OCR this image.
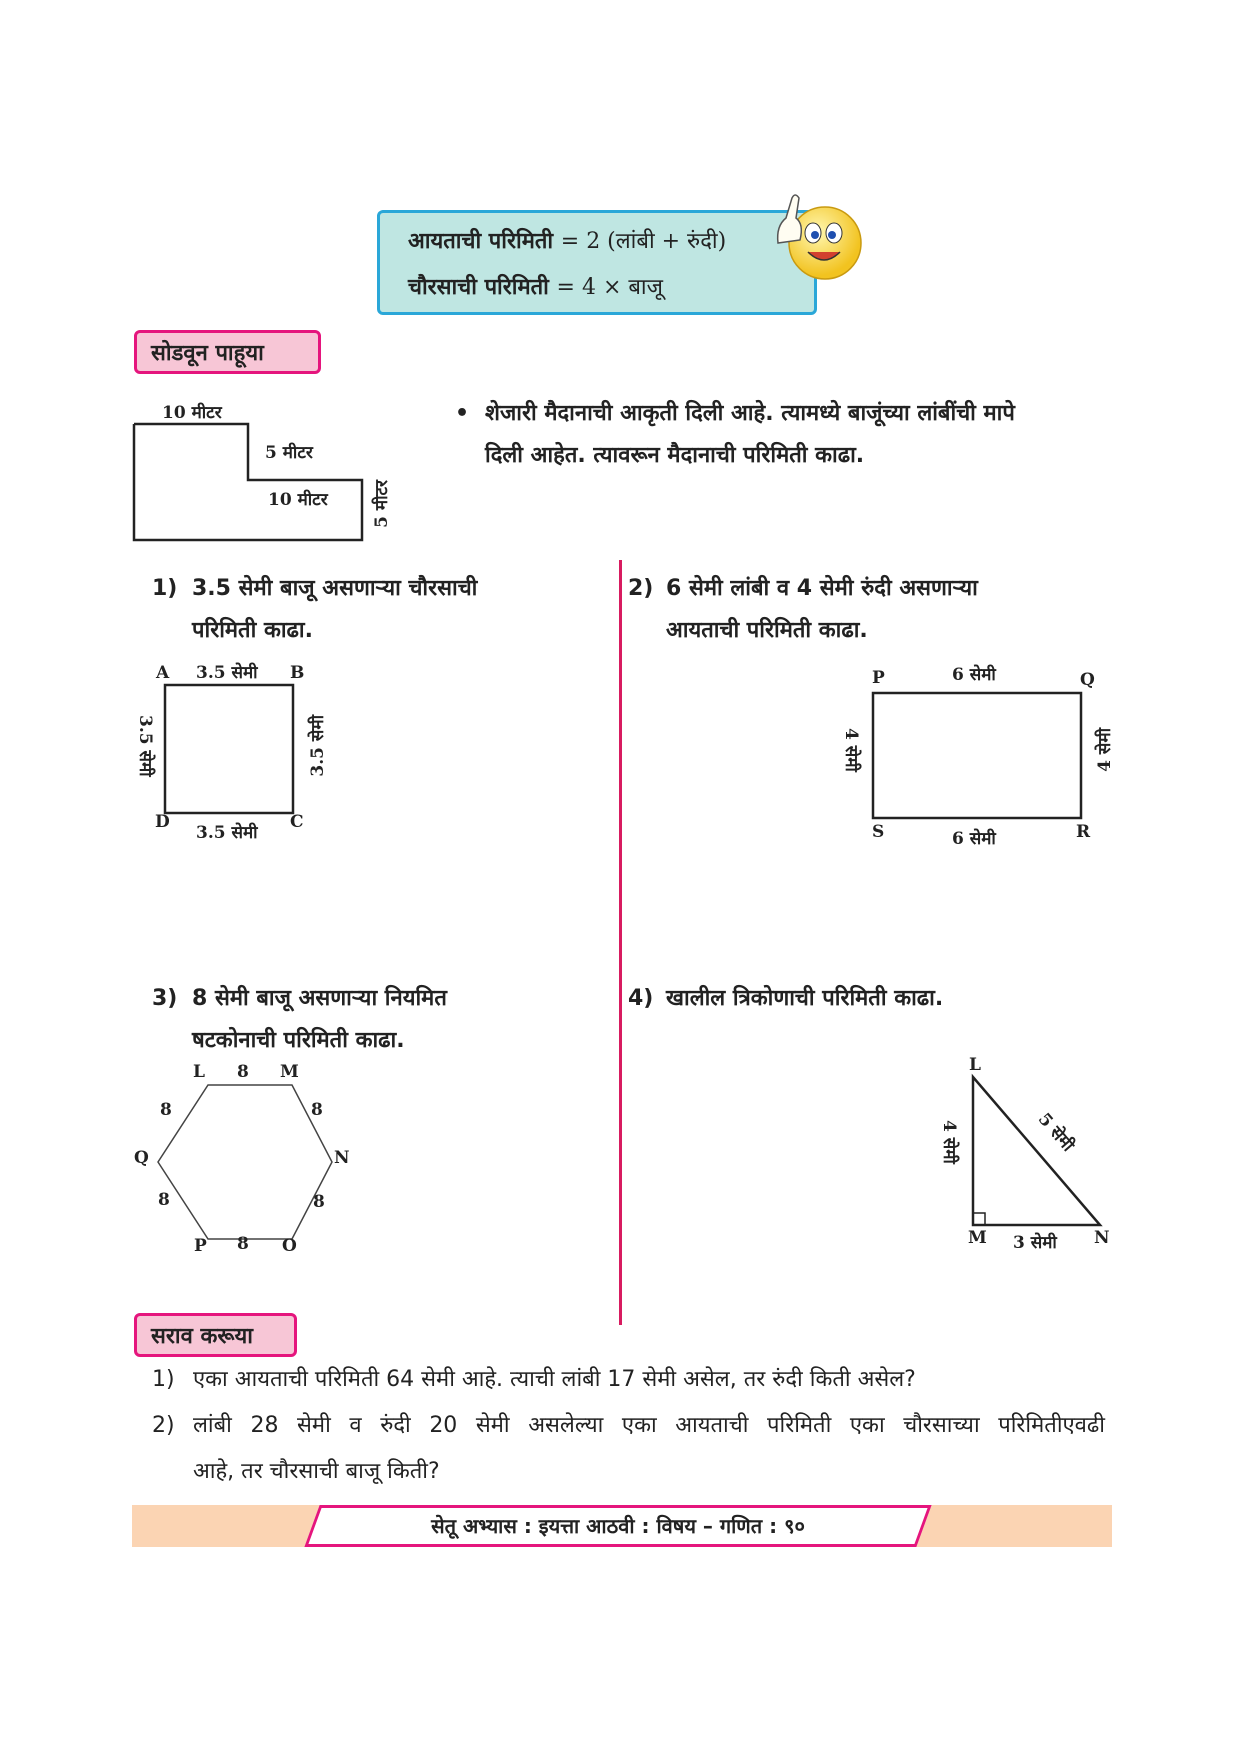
आयताची परिमिती = 2 (लांबी + रुंदी)
चौरसाची परिमिती = 4 × बाजू
सोडवून पाहूया
10 मीटर
5 मीटर
10 मीटर	5 मीटर
• शेजारी मैदानाची आकृती दिली आहे. त्यामध्ये बाजूंच्या लांबींची मापे
दिली आहेत. त्यावरून मैदानाची परिमिती काढा.
1) 3.5 सेमी बाजू असणाऱ्या चौरसाची
परिमिती काढा.
A	B
C
D
3.5 सेमी
3.5 सेमी
3.5 सेमी
3.5 सेमी
2) 6 सेमी लांबी व 4 सेमी रुंदी असणाऱ्या
आयताची परिमिती काढा.
P	Q
R
S
6 सेमी
6 सेमी
4 सेमी
4 सेमी
3) 8 सेमी बाजू असणाऱ्या नियमित
षटकोनाची परिमिती काढा.
L	M
N
O
P
Q
8
8
8
8
8
8
4) खालील त्रिकोणाची परिमिती काढा.
L
M	N
4 सेमी
3 सेमी
5 सेमी
सराव करूया
1) एका आयताची परिमिती 64 सेमी आहे. त्याची लांबी 17 सेमी असेल, तर रुंदी किती असेल?
2) लांबी 28 सेमी व रुंदी 20 सेमी असलेल्या एका आयताची परिमिती एका चौरसाच्या परिमितीएवढी
आहे, तर चौरसाची बाजू किती?
सेतू अभ्यास : इयत्ता आठवी : विषय – गणित : ९०
